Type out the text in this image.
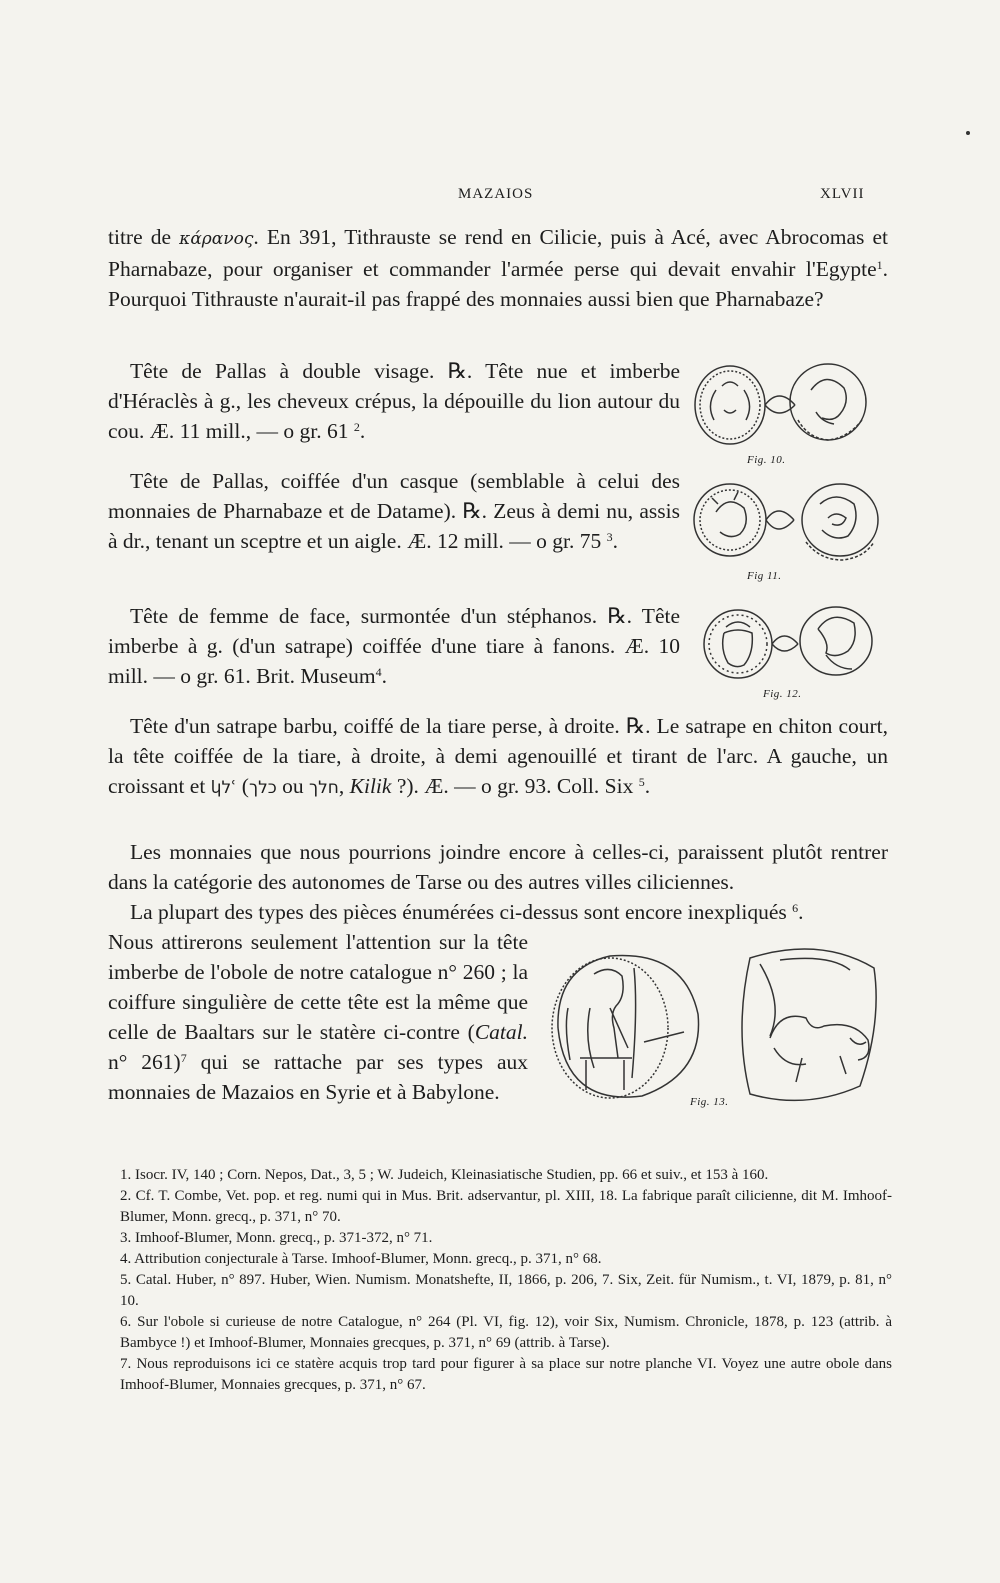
MAZAIOS	XLVII

titre de κάρανος. En 391, Tithrauste se rend en Cilicie, puis à Acé, avec Abrocomas et Pharnabaze, pour organiser et commander l'armée perse qui devait envahir l'Egypte$^1$. Pourquoi Tithrauste n'aurait-il pas frappé des monnaies aussi bien que Pharnabaze?

Tête de Pallas à double visage. ℞. Tête nue et imberbe d'Héraclès à g., les cheveux crépus, la dépouille du lion autour du cou. Æ. 11 mill., — o gr. 61 $^2$.

Tête de Pallas, coiffée d'un casque (semblable à celui des monnaies de Pharnabaze et de Datame). ℞. Zeus à demi nu, assis à dr., tenant un sceptre et un aigle. Æ. 12 mill. — o gr. 75 $^3$.

Tête de femme de face, surmontée d'un stéphanos. ℞. Tête imberbe à g. (d'un satrape) coiffée d'une tiare à fanons. Æ. 10 mill. — o gr. 61. Brit. Museum$^4$.

Tête d'un satrape barbu, coiffé de la tiare perse, à droite. ℞. Le satrape en chiton court, la tête coiffée de la tiare, à droite, à demi agenouillé et tirant de l'arc. A gauche, un croissant et կלՙ (כלך ou חלך, Kilik ?). Æ. — o gr. 93. Coll. Six $^5$.

Les monnaies que nous pourrions joindre encore à celles-ci, paraissent plutôt rentrer dans la catégorie des autonomes de Tarse ou des autres villes ciliciennes.

La plupart des types des pièces énumérées ci-dessus sont encore inexpliqués $^6$.

Nous attirerons seulement l'attention sur la tête imberbe de l'obole de notre catalogue n° 260 ; la coiffure singulière de cette tête est la même que celle de Baaltars sur le statère ci-contre (Catal. n° 261)$^7$ qui se rattache par ses types aux monnaies de Mazaios en Syrie et à Babylone.

Fig. 10.
Fig 11.
Fig. 12.
Fig. 13.

1. Isocr. IV, 140 ; Corn. Nepos, Dat., 3, 5 ; W. Judeich, Kleinasiatische Studien, pp. 66 et suiv., et 153 à 160.

2. Cf. T. Combe, Vet. pop. et reg. numi qui in Mus. Brit. adservantur, pl. XIII, 18. La fabrique paraît cilicienne, dit M. Imhoof-Blumer, Monn. grecq., p. 371, n° 70.

3. Imhoof-Blumer, Monn. grecq., p. 371-372, n° 71.

4. Attribution conjecturale à Tarse. Imhoof-Blumer, Monn. grecq., p. 371, n° 68.

5. Catal. Huber, n° 897. Huber, Wien. Numism. Monatshefte, II, 1866, p. 206, 7. Six, Zeit. für Numism., t. VI, 1879, p. 81, n° 10.

6. Sur l'obole si curieuse de notre Catalogue, n° 264 (Pl. VI, fig. 12), voir Six, Numism. Chronicle, 1878, p. 123 (attrib. à Bambyce !) et Imhoof-Blumer, Monnaies grecques, p. 371, n° 69 (attrib. à Tarse).

7. Nous reproduisons ici ce statère acquis trop tard pour figurer à sa place sur notre planche VI. Voyez une autre obole dans Imhoof-Blumer, Monnaies grecques, p. 371, n° 67.
